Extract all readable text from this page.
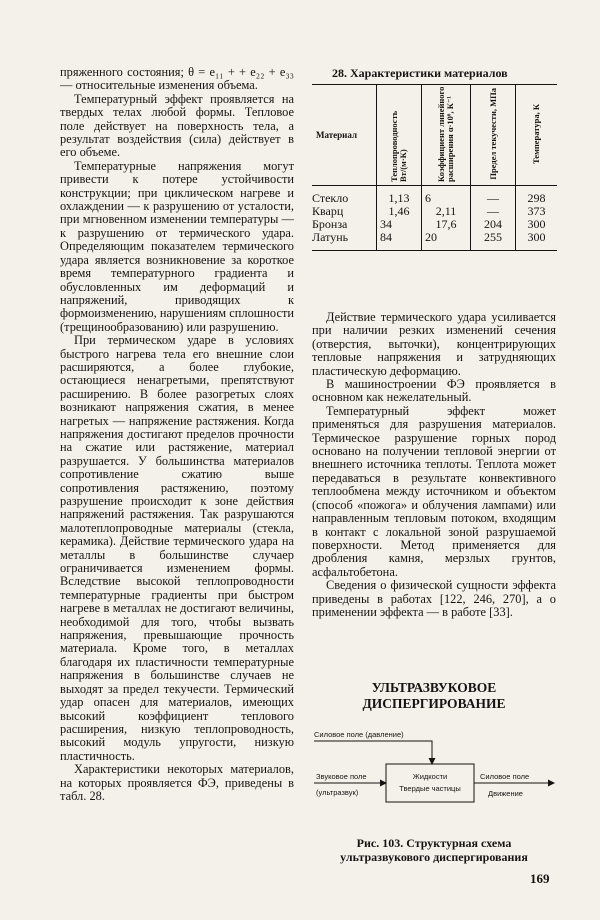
пряженного состояния; θ = e₁₁ + + e₂₂ + e₃₃ — относительные изменения объема.

Температурный эффект проявляется на твердых телах любой формы. Тепловое поле действует на поверхность тела, а результат воздействия (сила) действует в его объеме.

Температурные напряжения могут привести к потере устойчивости конструкции; при циклическом нагреве и охлаждении — к разрушению от усталости, при мгновенном изменении температуры — к разрушению от термического удара. Определяющим показателем термического удара является возникновение за короткое время температурного градиента и обусловленных им деформаций и напряжений, приводящих к формоизменению, нарушениям сплошности (трещинообразованию) или разрушению.

При термическом ударе в условиях быстрого нагрева тела его внешние слои расширяются, а более глубокие, остающиеся ненагретыми, препятствуют расширению. В более разогретых слоях возникают напряжения сжатия, в менее нагретых — напряжение растяжения. Когда напряжения достигают пределов прочности на сжатие или растяжение, материал разрушается. У большинства материалов сопротивление сжатию выше сопротивления растяжению, поэтому разрушение происходит к зоне действия напряжений растяжения. Так разрушаются малотеплопроводные материалы (стекла, керамика). Действие термического удара на металлы в большинстве случаер ограничивается изменением формы. Вследствие высокой теплопроводности температурные градиенты при быстром нагреве в металлах не достигают величины, необходимой для того, чтобы вызвать напряжения, превышающие прочность материала. Кроме того, в металлах благодаря их пластичности температурные напряжения в большинстве случаев не выходят за предел текучести. Термический удар опасен для материалов, имеющих высокий коэффициент теплового расширения, низкую теплопроводность, высокий модуль упругости, низкую пластичность.

Характеристики некоторых материалов, на которых проявляется ФЭ, приведены в табл. 28.

28. Характеристики материалов
Материал	Теплопроводность Вт/(м·К)	Коэффициент линейного расширения α·10⁶, К⁻¹	Предел текучести, МПа	Температура, К
Стекло	1,13	6	—	298
Кварц	1,46	2,11	—	373
Бронза	34	17,6	204	300
Латунь	84	20	255	300

Действие термического удара усиливается при наличии резких изменений сечения (отверстия, выточки), концентрирующих тепловые напряжения и затрудняющих пластическую деформацию.

В машиностроении ФЭ проявляется в основном как нежелательный.

Температурный эффект может применяться для разрушения материалов. Термическое разрушение горных пород основано на получении тепловой энергии от внешнего источника теплоты. Теплота может передаваться в результате конвективного теплообмена между источником и объектом (способ «пожога» и облучения лампами) или направленным тепловым потоком, входящим в контакт с локальной зоной разрушаемой поверхности. Метод применяется для дробления камня, мерзлых грунтов, асфальтобетона.

Сведения о физической сущности эффекта приведены в работах [122, 246, 270], а о применении эффекта — в работе [33].

УЛЬТРАЗВУКОВОЕ
ДИСПЕРГИРОВАНИЕ
Силовое поле (давление)
Жидкости
Твердые частицы
Звуковое поле
(ультразвук)
Силовое поле
Движение
Рис. 103. Структурная схема ультразвукового диспергирования
169
